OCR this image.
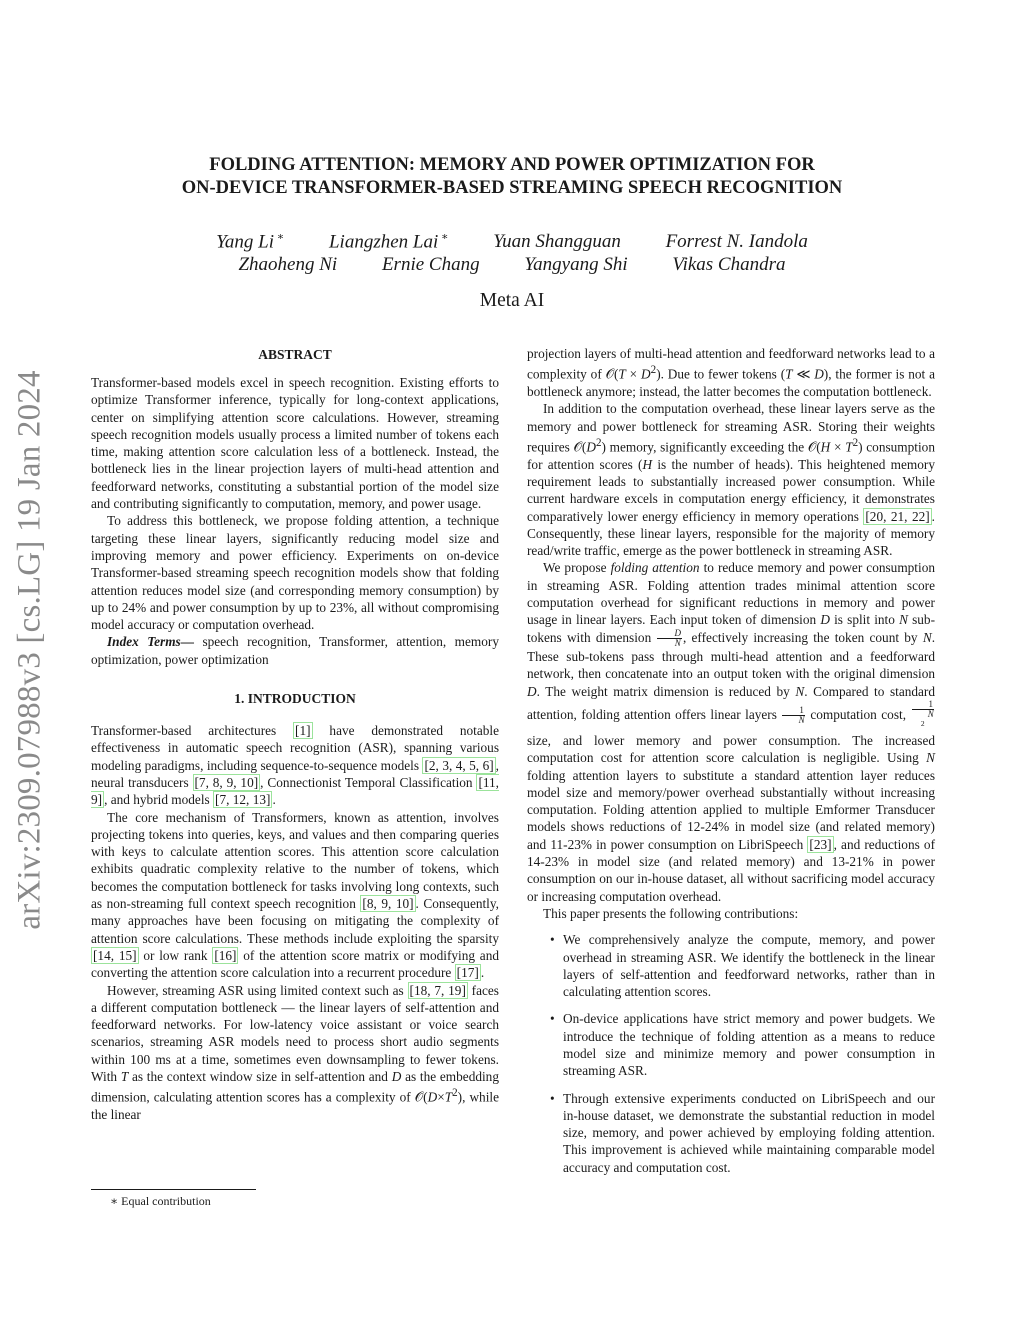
arXiv:2309.07988v3 [cs.LG] 19 Jan 2024
FOLDING ATTENTION: MEMORY AND POWER OPTIMIZATION FOR
ON-DEVICE TRANSFORMER-BASED STREAMING SPEECH RECOGNITION
Yang Li ∗ Liangzhen Lai ∗ Yuan Shangguan Forrest N. Iandola
Zhaoheng Ni Ernie Chang Yangyang Shi Vikas Chandra
Meta AI
ABSTRACT

Transformer-based models excel in speech recognition. Existing efforts to optimize Transformer inference, typically for long-context applications, center on simplifying attention score calculations. However, streaming speech recognition models usually process a limited number of tokens each time, making attention score calculation less of a bottleneck. Instead, the bottleneck lies in the linear projection layers of multi-head attention and feedforward networks, constituting a substantial portion of the model size and contributing significantly to computation, memory, and power usage.

To address this bottleneck, we propose folding attention, a technique targeting these linear layers, significantly reducing model size and improving memory and power efficiency. Experiments on on-device Transformer-based streaming speech recognition models show that folding attention reduces model size (and corresponding memory consumption) by up to 24% and power consumption by up to 23%, all without compromising model accuracy or computation overhead.

Index Terms— speech recognition, Transformer, attention, memory optimization, power optimization

1. INTRODUCTION

Transformer-based architectures [1] have demonstrated notable effectiveness in automatic speech recognition (ASR), spanning various modeling paradigms, including sequence-to-sequence models [2, 3, 4, 5, 6] , neural transducers [7, 8, 9, 10] , Connectionist Temporal Classification [11, 9] , and hybrid models [7, 12, 13] .

The core mechanism of Transformers, known as attention, involves projecting tokens into queries, keys, and values and then comparing queries with keys to calculate attention scores. This attention score calculation exhibits quadratic complexity relative to the number of tokens, which becomes the computation bottleneck for tasks involving long contexts, such as non-streaming full context speech recognition [8, 9, 10] . Consequently, many approaches have been focusing on mitigating the complexity of attention score calculations. These methods include exploiting the sparsity [14, 15] or low rank [16] of the attention score matrix or modifying and converting the attention score calculation into a recurrent procedure [17] .

However, streaming ASR using limited context such as [18, 7, 19] faces a different computation bottleneck — the linear layers of self-attention and feedforward networks. For low-latency voice assistant or voice search scenarios, streaming ASR models need to process short audio segments within 100 ms at a time, sometimes even downsampling to fewer tokens. With T as the context window size in self-attention and D as the embedding dimension, calculating attention scores has a complexity of $𝒪(D\times T^2)$, while the linear

projection layers of multi-head attention and feedforward networks lead to a complexity of 𝒪(T × $D^2$). Due to fewer tokens (T ≪ D), the former is not a bottleneck anymore; instead, the latter becomes the computation bottleneck.

In addition to the computation overhead, these linear layers serve as the memory and power bottleneck for streaming ASR. Storing their weights requires $𝒪(D^2)$ memory, significantly exceeding the 𝒪(H × $T^2$) consumption for attention scores (H is the number of heads). This heightened memory requirement leads to substantially increased power consumption. While current hardware excels in computation energy efficiency, it demonstrates comparatively lower energy efficiency in memory operations [20, 21, 22] . Consequently, these linear layers, responsible for the majority of memory read/write traffic, emerge as the power bottleneck in streaming ASR.

We propose folding attention to reduce memory and power consumption in streaming ASR. Folding attention trades minimal attention score computation overhead for significant reductions in memory and power usage in linear layers. Each input token of dimension D is split into N sub-tokens with dimension $\frac{D}{N}$ , effectively increasing the token count by N. These sub-tokens pass through multi-head attention and a feedforward network, then concatenate into an output token with the original dimension D. The weight matrix dimension is reduced by N. Compared to standard attention, folding attention offers linear layers $\frac{1}{N}$ computation cost, 1
N
$^2$
size, and lower memory and power consumption. The increased computation cost for attention score calculation is negligible. Using N folding attention layers to substitute a standard attention layer reduces model size and memory/power overhead substantially without increasing computation. Folding attention applied to multiple Emformer Transducer models shows reductions of 12-24% in model size (and related memory) and 11-23% in power consumption on LibriSpeech [23] , and reductions of 14-23% in model size (and related memory) and 13-21% in power consumption on our in-house dataset, all without sacrificing model accuracy or increasing computation overhead.

This paper presents the following contributions:

• We comprehensively analyze the compute, memory, and power overhead in streaming ASR. We identify the bottleneck in the linear layers of self-attention and feedforward networks, rather than in calculating attention scores.
• On-device applications have strict memory and power budgets. We introduce the technique of folding attention as a means to reduce model size and minimize memory and power consumption in streaming ASR.
• Through extensive experiments conducted on LibriSpeech and our in-house dataset, we demonstrate the substantial reduction in model size, memory, and power achieved by employing folding attention. This improvement is achieved while maintaining comparable model accuracy and computation cost.
∗ Equal contribution
